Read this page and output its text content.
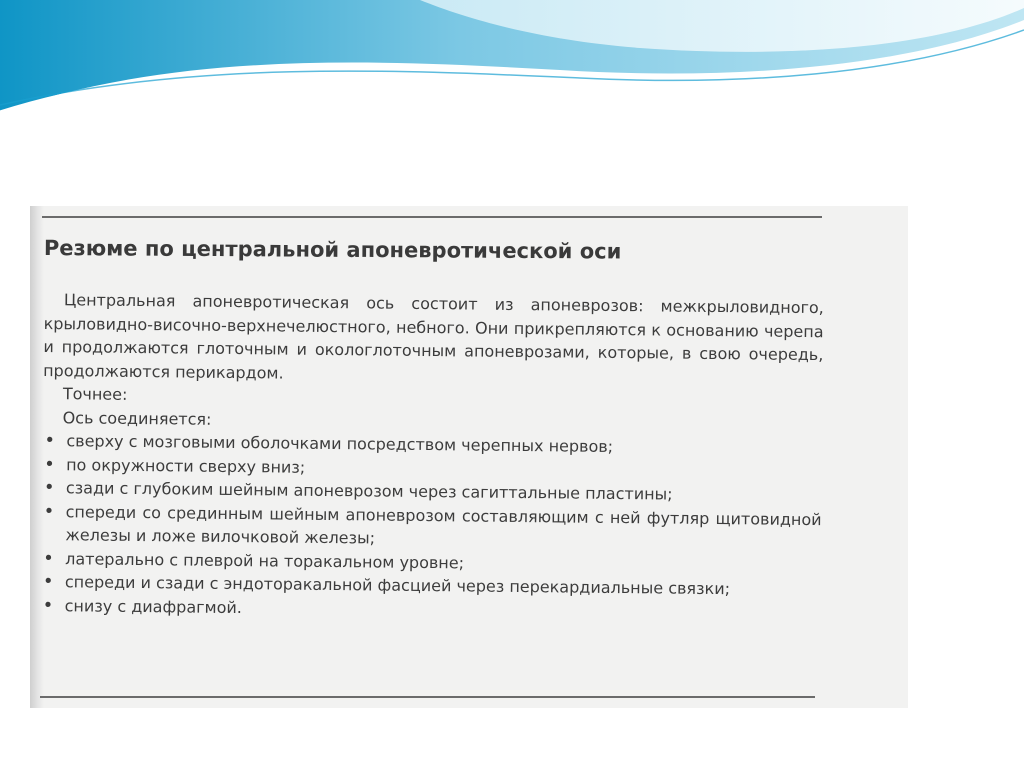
Резюме по центральной апоневротической оси

Центральная апоневротическая ось состоит из апоневрозов: межкрыловидного, крыловидно-височно-верхнечелюстного, небного. Они прикрепляются к основанию черепа и продолжаются глоточным и окологлоточным апоневрозами, которые, в свою очередь, продолжаются перикардом.

Точнее:

Ось соединяется:

• сверху с мозговыми оболочками посредством черепных нервов;
• по окружности сверху вниз;
• сзади с глубоким шейным апоневрозом через сагиттальные пластины;
• спереди со срединным шейным апоневрозом составляющим с ней футляр щитовидной железы и ложе вилочковой железы;
• латерально с плеврой на торакальном уровне;
• спереди и сзади с эндоторакальной фасцией через перекардиальные связки;
• снизу с диафрагмой.
